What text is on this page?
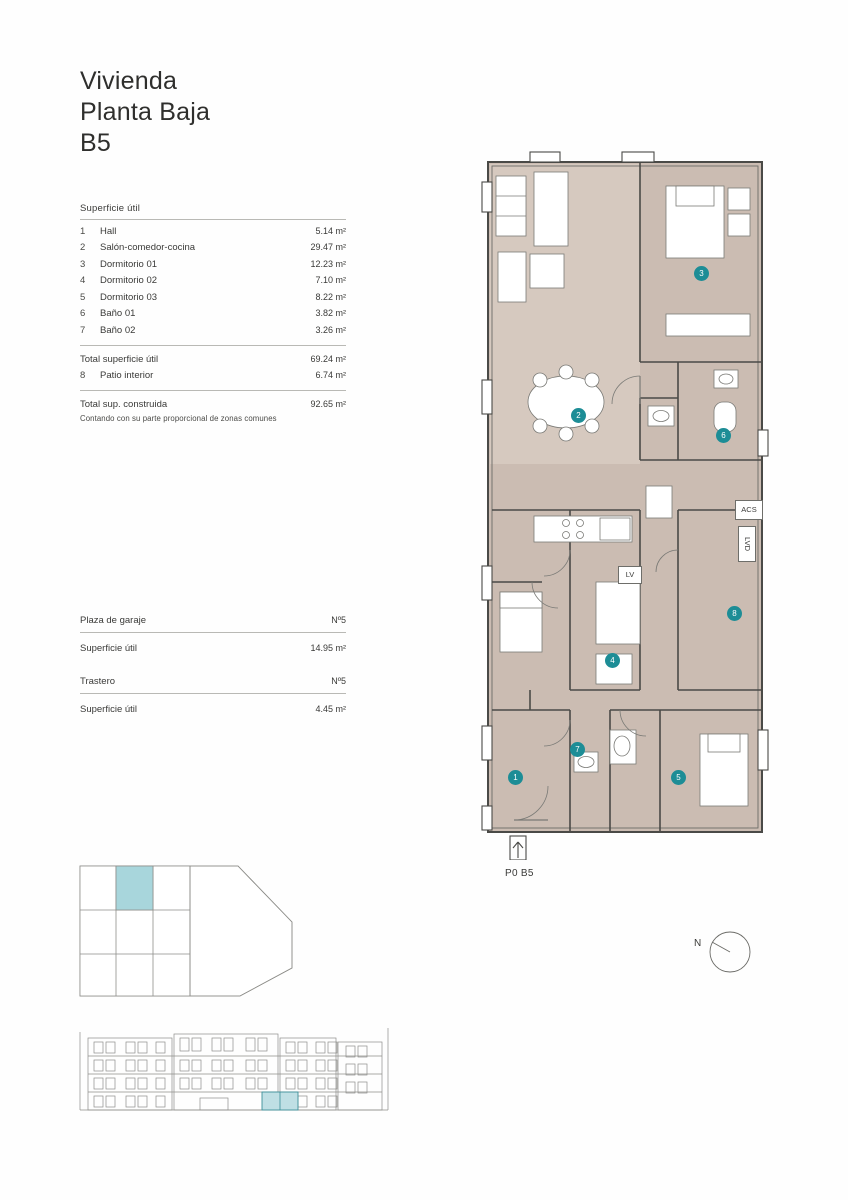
Vivienda
Planta Baja
B5
Superficie útil
1	Hall	5.14 m²
2	Salón-comedor-cocina	29.47 m²
3	Dormitorio 01	12.23 m²
4	Dormitorio 02	7.10 m²
5	Dormitorio 03	8.22 m²
6	Baño 01	3.82 m²
7	Baño 02	3.26 m²
Total superficie útil	69.24 m²
8	Patio interior	6.74 m²
Total sup. construida	92.65 m²
Contando con su parte proporcional de zonas comunes
Plaza de garaje	Nº5
Superficie útil	14.95 m²
Trastero	Nº5
Superficie útil	4.45 m²
1
2
3
4
5
6
7
8
ACS
LVD
LV
P0 B5
N
